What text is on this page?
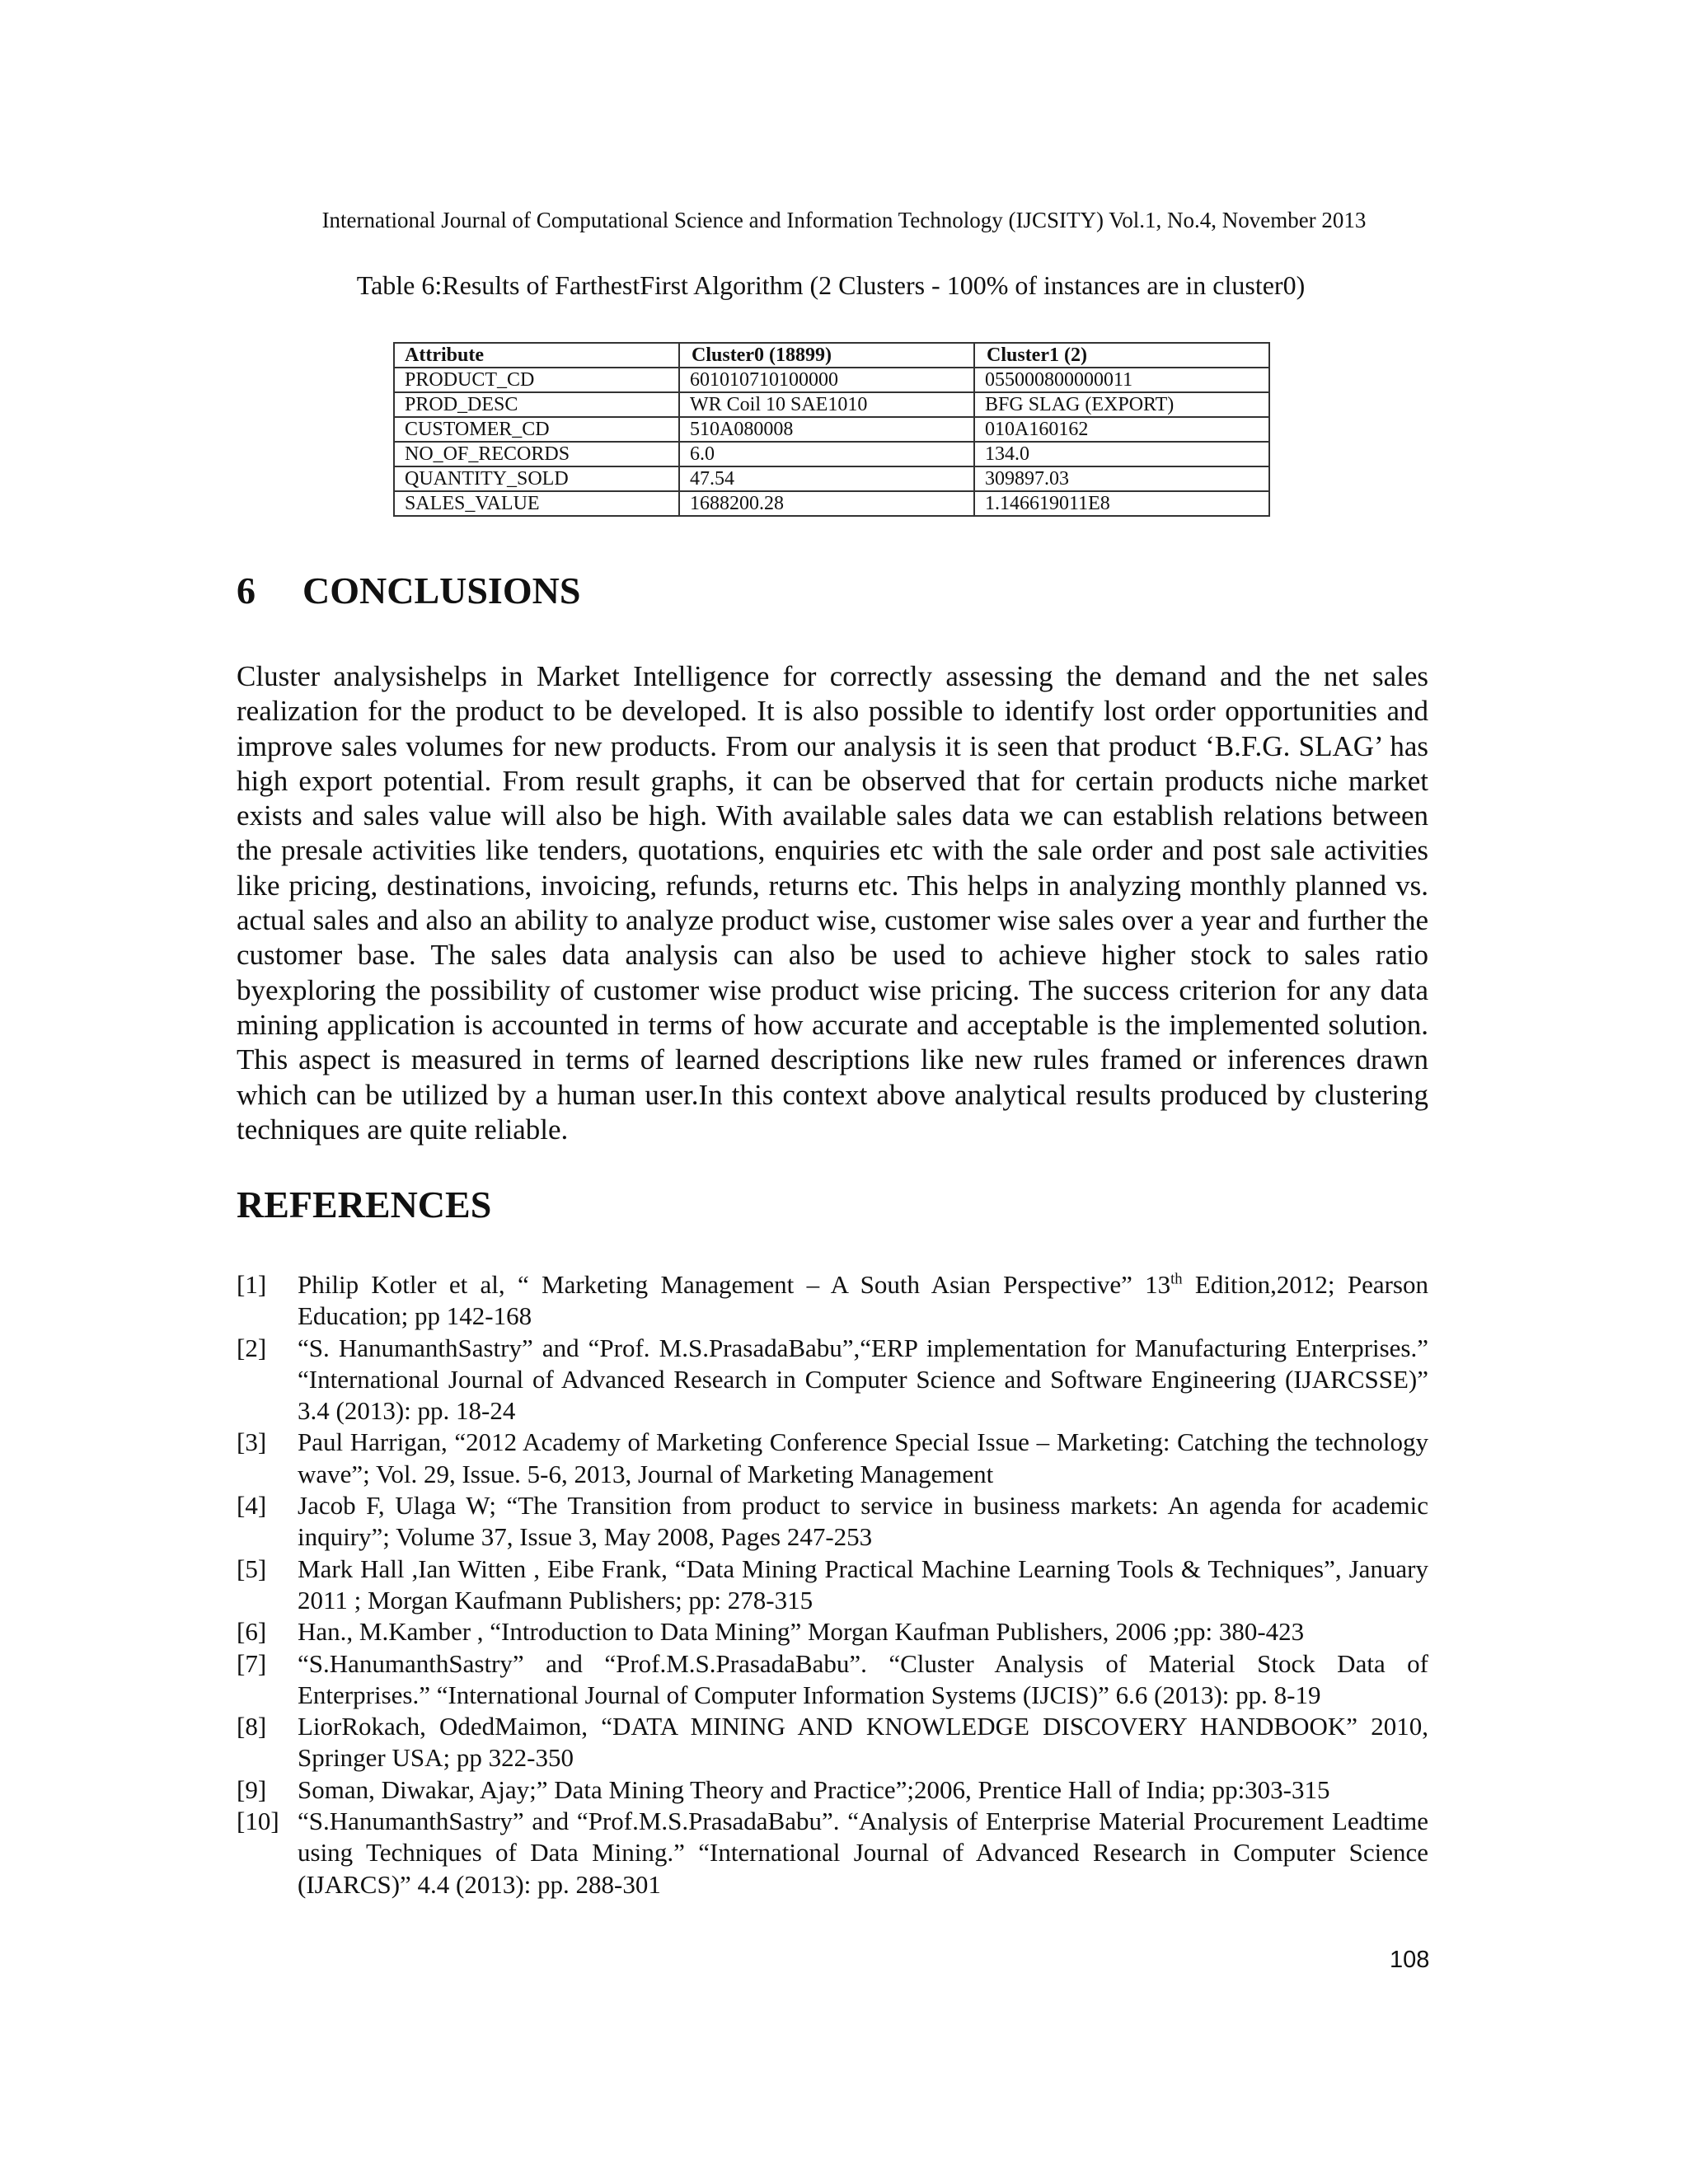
International Journal of Computational Science and Information Technology (IJCSITY) Vol.1, No.4, November 2013
Table 6:Results of FarthestFirst Algorithm (2 Clusters - 100% of instances are in cluster0)
Attribute	Cluster0 (18899)	Cluster1 (2)
PRODUCT_CD	601010710100000	055000800000011
PROD_DESC	WR Coil 10 SAE1010	BFG SLAG (EXPORT)
CUSTOMER_CD	510A080008	010A160162
NO_OF_RECORDS	6.0	134.0
QUANTITY_SOLD	47.54	309897.03
SALES_VALUE	1688200.28	1.146619011E8
6 CONCLUSIONS

Cluster analysishelps in Market Intelligence for correctly assessing the demand and the net sales realization for the product to be developed. It is also possible to identify lost order opportunities and improve sales volumes for new products. From our analysis it is seen that product ‘B.F.G. SLAG’ has high export potential. From result graphs, it can be observed that for certain products niche market exists and sales value will also be high. With available sales data we can establish relations between the presale activities like tenders, quotations, enquiries etc with the sale order and post sale activities like pricing, destinations, invoicing, refunds, returns etc. This helps in analyzing monthly planned vs. actual sales and also an ability to analyze product wise, customer wise sales over a year and further the customer base. The sales data analysis can also be used to achieve higher stock to sales ratio byexploring the possibility of customer wise product wise pricing. The success criterion for any data mining application is accounted in terms of how accurate and acceptable is the implemented solution. This aspect is measured in terms of learned descriptions like new rules framed or inferences drawn which can be utilized by a human user.In this context above analytical results produced by clustering techniques are quite reliable.

REFERENCES
[1] Philip Kotler et al, “ Marketing Management – A South Asian Perspective” 13th Edition,2012; Pearson Education; pp 142-168
[2] “S. HanumanthSastry” and “Prof. M.S.PrasadaBabu”,“ERP implementation for Manufacturing Enterprises.” “International Journal of Advanced Research in Computer Science and Software Engineering (IJARCSSE)” 3.4 (2013): pp. 18-24
[3] Paul Harrigan, “2012 Academy of Marketing Conference Special Issue – Marketing: Catching the technology wave”; Vol. 29, Issue. 5-6, 2013, Journal of Marketing Management
[4] Jacob F, Ulaga W; “The Transition from product to service in business markets: An agenda for academic inquiry”; Volume 37, Issue 3, May 2008, Pages 247-253
[5] Mark Hall ,Ian Witten , Eibe Frank, “Data Mining Practical Machine Learning Tools & Techniques”, January 2011 ; Morgan Kaufmann Publishers; pp: 278-315
[6] Han., M.Kamber , “Introduction to Data Mining” Morgan Kaufman Publishers, 2006 ;pp: 380-423
[7] “S.HanumanthSastry” and “Prof.M.S.PrasadaBabu”. “Cluster Analysis of Material Stock Data of Enterprises.” “International Journal of Computer Information Systems (IJCIS)” 6.6 (2013): pp. 8-19
[8] LiorRokach, OdedMaimon, “DATA MINING AND KNOWLEDGE DISCOVERY HANDBOOK” 2010, Springer USA; pp 322-350
[9] Soman, Diwakar, Ajay;” Data Mining Theory and Practice”;2006, Prentice Hall of India; pp:303-315
[10] “S.HanumanthSastry” and “Prof.M.S.PrasadaBabu”. “Analysis of Enterprise Material Procurement Leadtime using Techniques of Data Mining.” “International Journal of Advanced Research in Computer Science (IJARCS)” 4.4 (2013): pp. 288-301
108
